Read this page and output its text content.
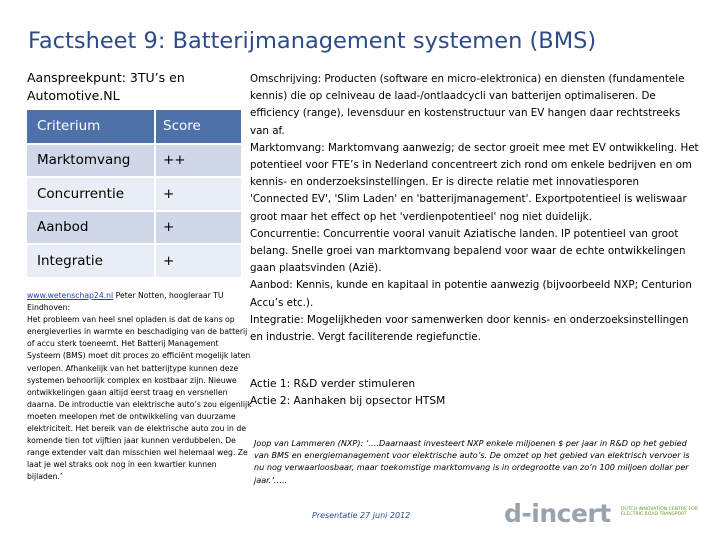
Factsheet 9: Batterijmanagement systemen (BMS)
Aanspreekpunt: 3TU’s en Automotive.NL
Criterium	Score
Marktomvang	++
Concurrentie	+
Aanbod	+
Integratie	+
www.wetenschap24.nl Peter Notten, hoogleraar TU Eindhoven:
Het probleem van heel snel opladen is dat de kans op energieverlies in warmte en beschadiging van de batterij of accu sterk toeneemt. Het Batterij Management Systeem (BMS) moet dit proces zo efficiënt mogelijk laten verlopen. Afhankelijk van het batterijtype kunnen deze systemen behoorlijk complex en kostbaar zijn. Nieuwe ontwikkelingen gaan altijd eerst traag en versnellen daarna. De introductie van elektrische auto’s zou eigenlijk moeten meelopen met de ontwikkeling van duurzame elektriciteit. Het bereik van de elektrische auto zou in de komende tien tot vijftien jaar kunnen verdubbelen. De range extender valt dan misschien wel helemaal weg. Ze laat je wel straks ook nog in een kwartier kunnen bijladen.’

Omschrijving: Producten (software en micro-elektronica) en diensten (fundamentele kennis) die op celniveau de laad-/ontlaadcycli van batterijen optimaliseren. De efficiency (range), levensduur en kostenstructuur van EV hangen daar rechtstreeks van af.

Marktomvang: Marktomvang aanwezig; de sector groeit mee met EV ontwikkeling. Het potentieel voor FTE’s in Nederland concentreert zich rond om enkele bedrijven en om kennis- en onderzoeksinstellingen. Er is directe relatie met innovatiesporen 'Connected EV', 'Slim Laden' en 'batterijmanagement'. Exportpotentieel is weliswaar groot maar het effect op het 'verdienpotentieel' nog niet duidelijk.

Concurrentie: Concurrentie vooral vanuit Aziatische landen. IP potentieel van groot belang. Snelle groei van marktomvang bepalend voor waar de echte ontwikkelingen gaan plaatsvinden (Azië).

Aanbod: Kennis, kunde en kapitaal in potentie aanwezig (bijvoorbeeld NXP; Centurion Accu’s etc.).

Integratie: Mogelijkheden voor samenwerken door kennis- en onderzoeksinstellingen en industrie. Vergt faciliterende regiefunctie.

Actie 1: R&D verder stimuleren
Actie 2: Aanhaken bij opsector HTSM
Joop van Lammeren (NXP): ‘….Daarnaast investeert NXP enkele miljoenen $ per jaar in R&D op het gebied van BMS en energiemanagement voor elektrische auto’s. De omzet op het gebied van elektrisch vervoer is nu nog verwaarloosbaar, maar toekomstige marktomvang is in ordegrootte van zo’n 100 miljoen dollar per jaar.’…..
Presentatie 27 juni 2012	d-incert DUTCH INNOVATION CENTRE FOR ELECTRIC ROAD TRANSPORT
